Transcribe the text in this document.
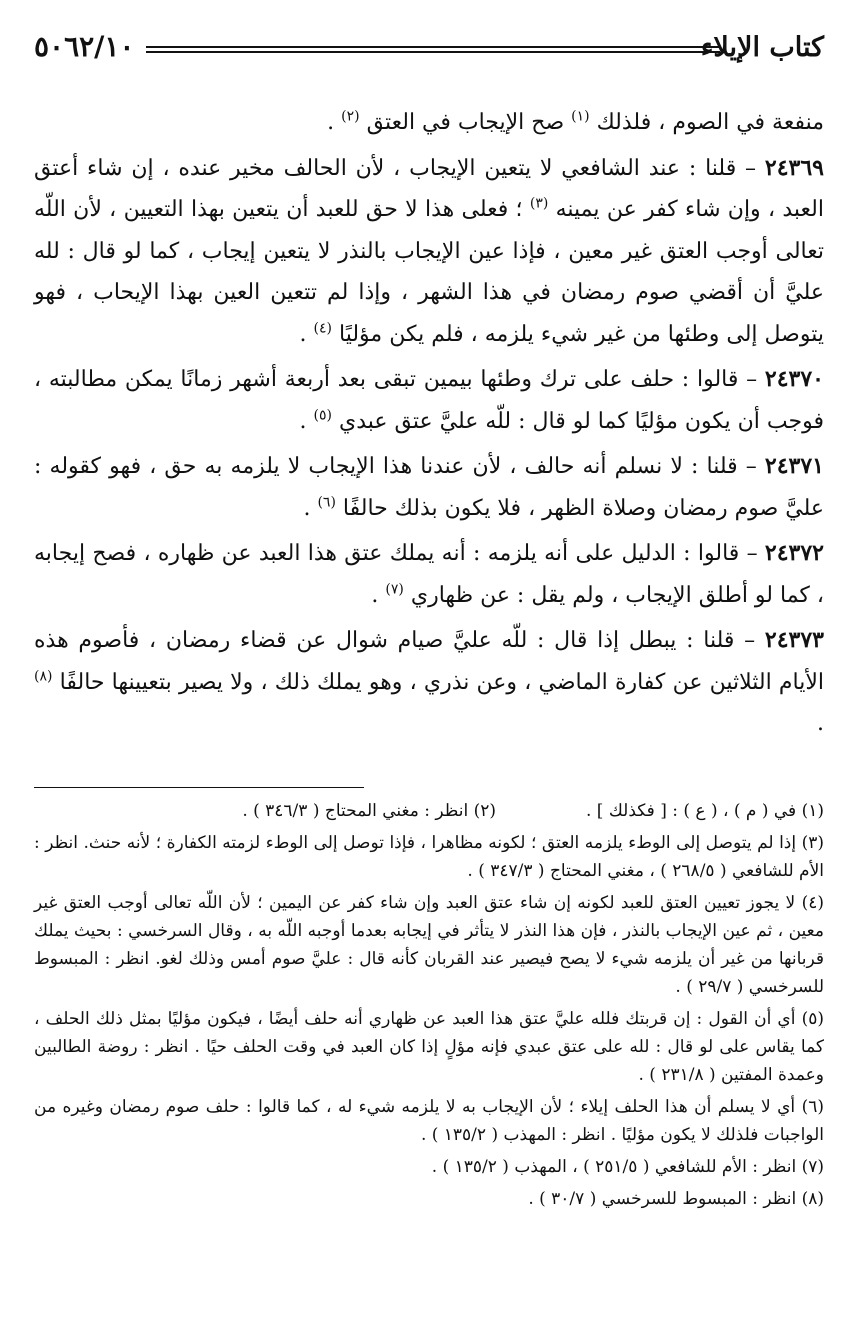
كتاب الإيلاء
٥٠٦٢/١٠

منفعة في الصوم ، فلذلك $^{(١)}$ صح الإيجاب في العتق $^{(٢)}$ .

٢٤٣٦٩ – قلنا : عند الشافعي لا يتعين الإيجاب ، لأن الحالف مخير عنده ، إن شاء أعتق العبد ، وإن شاء كفر عن يمينه $^{(٣)}$ ؛ فعلى هذا لا حق للعبد أن يتعين بهذا التعيين ، لأن اللّه تعالى أوجب العتق غير معين ، فإذا عين الإيجاب بالنذر لا يتعين إيجاب ، كما لو قال : لله عليَّ أن أقضي صوم رمضان في هذا الشهر ، وإذا لم تتعين العين بهذا الإيحاب ، فهو يتوصل إلى وطئها من غير شيء يلزمه ، فلم يكن مؤليًا $^{(٤)}$ .

٢٤٣٧٠ – قالوا : حلف على ترك وطئها بيمين تبقى بعد أربعة أشهر زمانًا يمكن مطالبته ، فوجب أن يكون مؤليًا كما لو قال : للّه عليَّ عتق عبدي $^{(٥)}$ .

٢٤٣٧١ – قلنا : لا نسلم أنه حالف ، لأن عندنا هذا الإيجاب لا يلزمه به حق ، فهو كقوله : عليَّ صوم رمضان وصلاة الظهر ، فلا يكون بذلك حالفًا $^{(٦)}$ .

٢٤٣٧٢ – قالوا : الدليل على أنه يلزمه : أنه يملك عتق هذا العبد عن ظهاره ، فصح إيجابه ، كما لو أطلق الإيجاب ، ولم يقل : عن ظهاري $^{(٧)}$ .

٢٤٣٧٣ – قلنا : يبطل إذا قال : للّه عليَّ صيام شوال عن قضاء رمضان ، فأصوم هذه الأيام الثلاثين عن كفارة الماضي ، وعن نذري ، وهو يملك ذلك ، ولا يصير بتعيينها حالفًا $^{(٨)}$ .

(١) في ( م ) ، ( ع ) : [ فكذلك ] .
(٢) انظر : مغني المحتاج ( ٣٤٦/٣ ) .

(٣) إذا لم يتوصل إلى الوطء يلزمه العتق ؛ لكونه مظاهرا ، فإذا توصل إلى الوطء لزمته الكفارة ؛ لأنه حنث. انظر : الأم للشافعي ( ٢٦٨/٥ ) ، مغني المحتاج ( ٣٤٧/٣ ) .

(٤) لا يجوز تعيين العتق للعبد لكونه إن شاء عتق العبد وإن شاء كفر عن اليمين ؛ لأن اللّه تعالى أوجب العتق غير معين ، ثم عين الإيجاب بالنذر ، فإن هذا النذر لا يتأثر في إيجابه بعدما أوجبه اللّه به ، وقال السرخسي : بحيث يملك قربانها من غير أن يلزمه شيء لا يصح فيصير عند القربان كأنه قال : عليَّ صوم أمس وذلك لغو. انظر : المبسوط للسرخسي ( ٢٩/٧ ) .

(٥) أي أن القول : إن قربتك فلله عليَّ عتق هذا العبد عن ظهاري أنه حلف أيضًا ، فيكون مؤليًا بمثل ذلك الحلف ، كما يقاس على لو قال : لله على عتق عبدي فإنه مؤلٍ إذا كان العبد في وقت الحلف حيًا . انظر : روضة الطالبين وعمدة المفتين ( ٢٣١/٨ ) .

(٦) أي لا يسلم أن هذا الحلف إيلاء ؛ لأن الإيجاب به لا يلزمه شيء له ، كما قالوا : حلف صوم رمضان وغيره من الواجبات فلذلك لا يكون مؤليًا . انظر : المهذب ( ١٣٥/٢ ) .

(٧) انظر : الأم للشافعي ( ٢٥١/٥ ) ، المهذب ( ١٣٥/٢ ) .

(٨) انظر : المبسوط للسرخسي ( ٣٠/٧ ) .
